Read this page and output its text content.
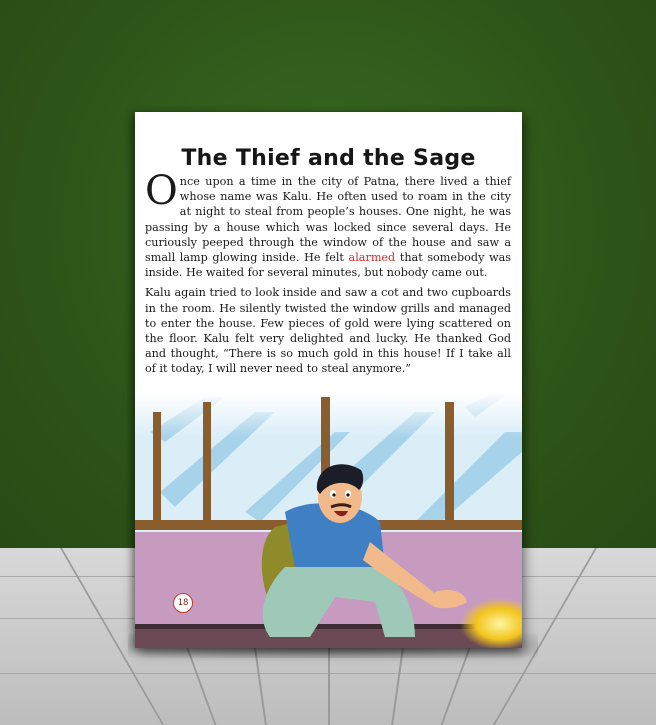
The Thief and the Sage

Once upon a time in the city of Patna, there lived a thief whose name was Kalu. He often used to roam in the city at night to steal from people’s houses. One night, he was passing by a house which was locked since several days. He curiously peeped through the window of the house and saw a small lamp glowing inside. He felt alarmed that somebody was inside. He waited for several minutes, but nobody came out.

Kalu again tried to look inside and saw a cot and two cupboards in the room. He silently twisted the window grills and managed to enter the house. Few pieces of gold were lying scattered on the floor. Kalu felt very delighted and lucky. He thanked God and thought, “There is so much gold in this house! If I take all of it today, I will never need to steal anymore.”

18
